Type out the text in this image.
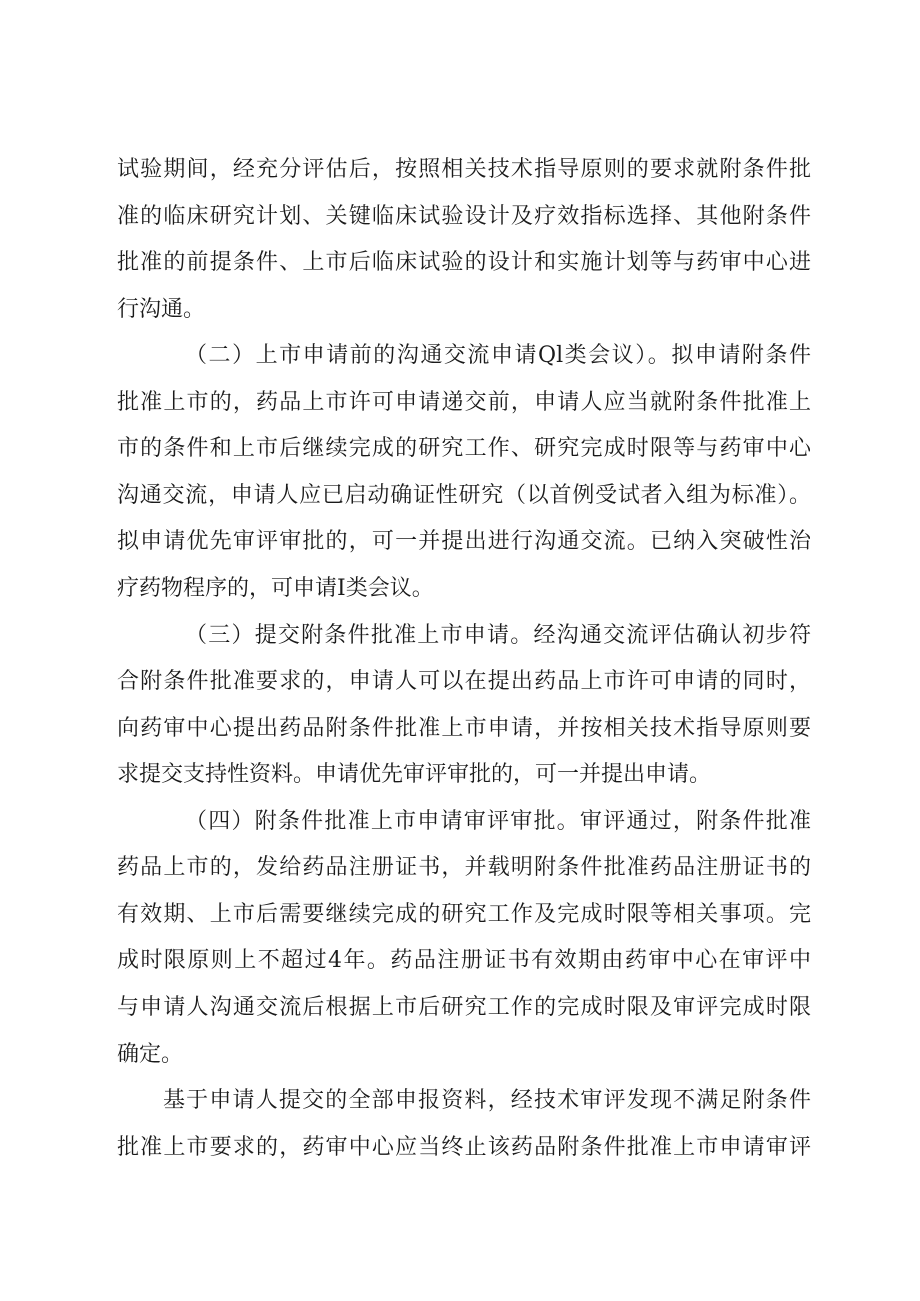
试验期间，经充分评估后，按照相关技术指导原则的要求就附条件批
准的临床研究计划、关键临床试验设计及疗效指标选择、其他附条件
批准的前提条件、上市后临床试验的设计和实施计划等与药审中心进
行沟通。
（二）上市申请前的沟通交流申请Ql类会议）。拟申请附条件
批准上市的，药品上市许可申请递交前，申请人应当就附条件批准上
市的条件和上市后继续完成的研究工作、研究完成时限等与药审中心
沟通交流，申请人应已启动确证性研究（以首例受试者入组为标准）。
拟申请优先审评审批的，可一并提出进行沟通交流。已纳入突破性治
疗药物程序的，可申请I类会议。
（三）提交附条件批准上市申请。经沟通交流评估确认初步符
合附条件批准要求的，申请人可以在提出药品上市许可申请的同时，
向药审中心提出药品附条件批准上市申请，并按相关技术指导原则要
求提交支持性资料。申请优先审评审批的，可一并提出申请。
（四）附条件批准上市申请审评审批。审评通过，附条件批准
药品上市的，发给药品注册证书，并载明附条件批准药品注册证书的
有效期、上市后需要继续完成的研究工作及完成时限等相关事项。完
成时限原则上不超过4年。药品注册证书有效期由药审中心在审评中
与申请人沟通交流后根据上市后研究工作的完成时限及审评完成时限
确定。
基于申请人提交的全部申报资料，经技术审评发现不满足附条件
批准上市要求的，药审中心应当终止该药品附条件批准上市申请审评
